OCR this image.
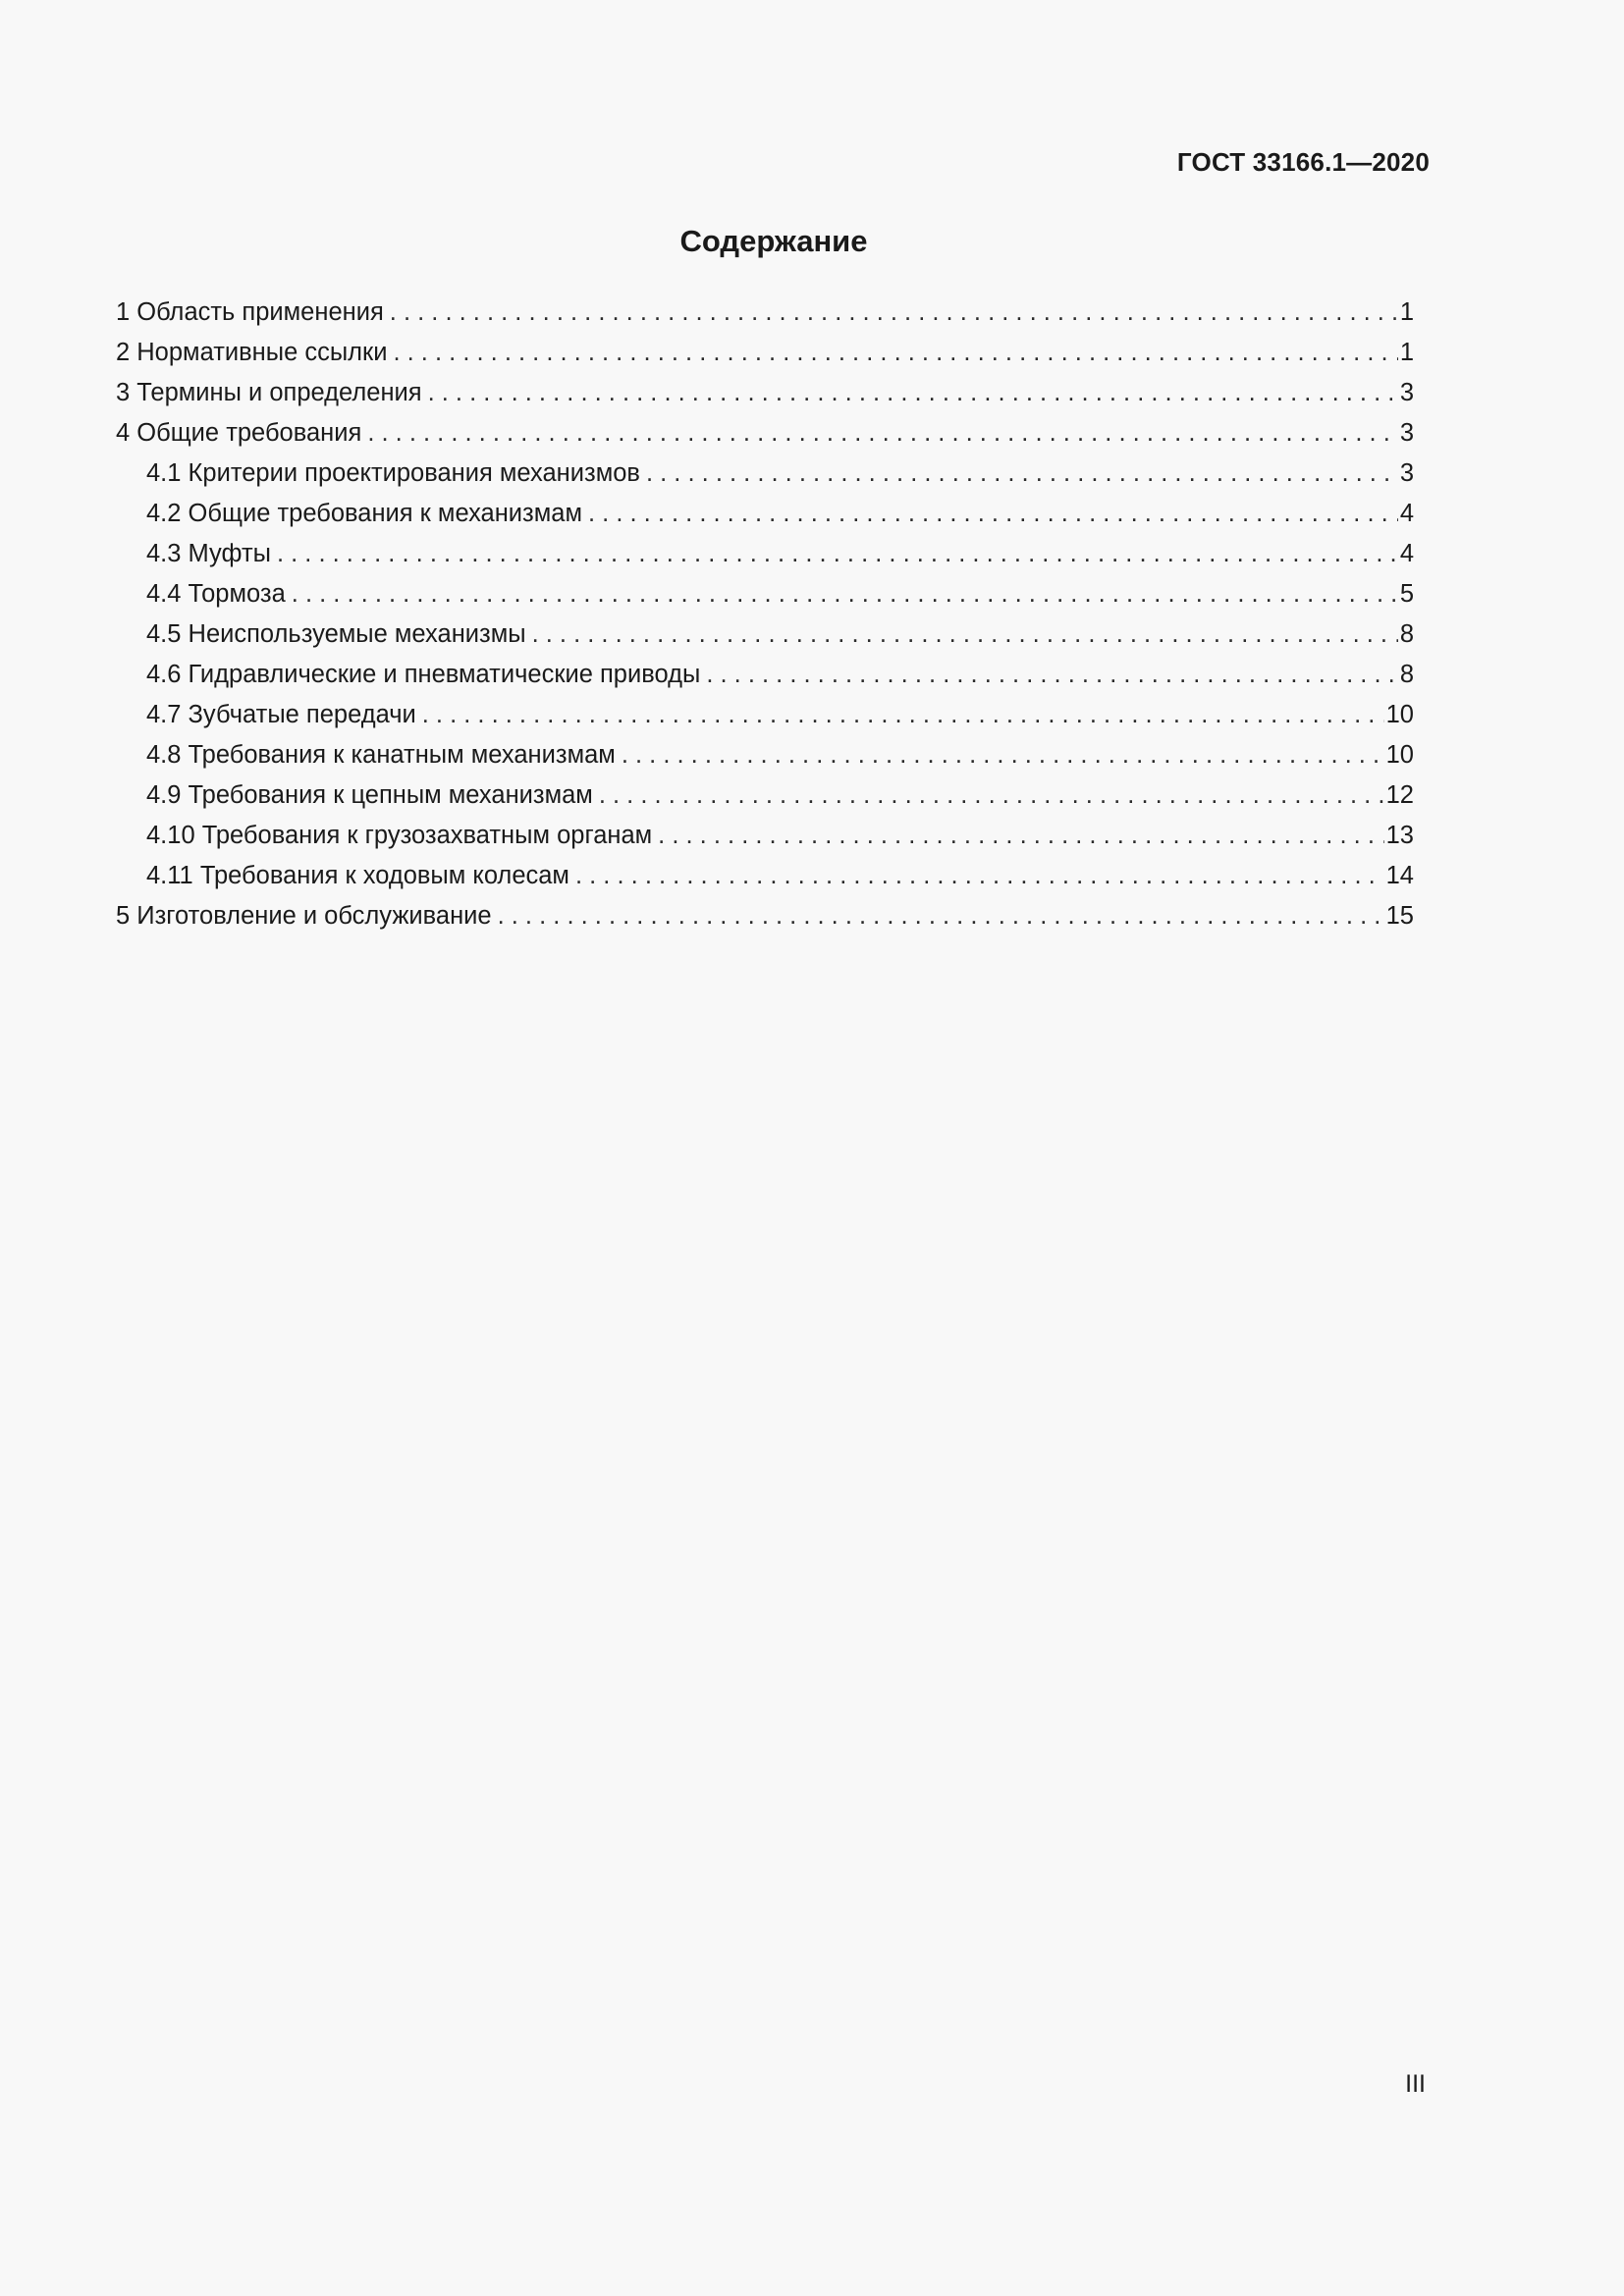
ГОСТ 33166.1—2020
Содержание
1 Область применения . . .	1
2 Нормативные ссылки . . .	1
3 Термины и определения . . .	3
4 Общие требования . . .	3
4.1 Критерии проектирования механизмов . . .	3
4.2 Общие требования к механизмам . . .	4
4.3 Муфты . . .	4
4.4 Тормоза . . .	5
4.5 Неиспользуемые механизмы . . .	8
4.6 Гидравлические и пневматические приводы . . .	8
4.7 Зубчатые передачи . . .	10
4.8 Требования к канатным механизмам . . .	10
4.9 Требования к цепным механизмам . . .	12
4.10 Требования к грузозахватным органам . . .	13
4.11 Требования к ходовым колесам . . .	14
5 Изготовление и обслуживание . . .	15
III
